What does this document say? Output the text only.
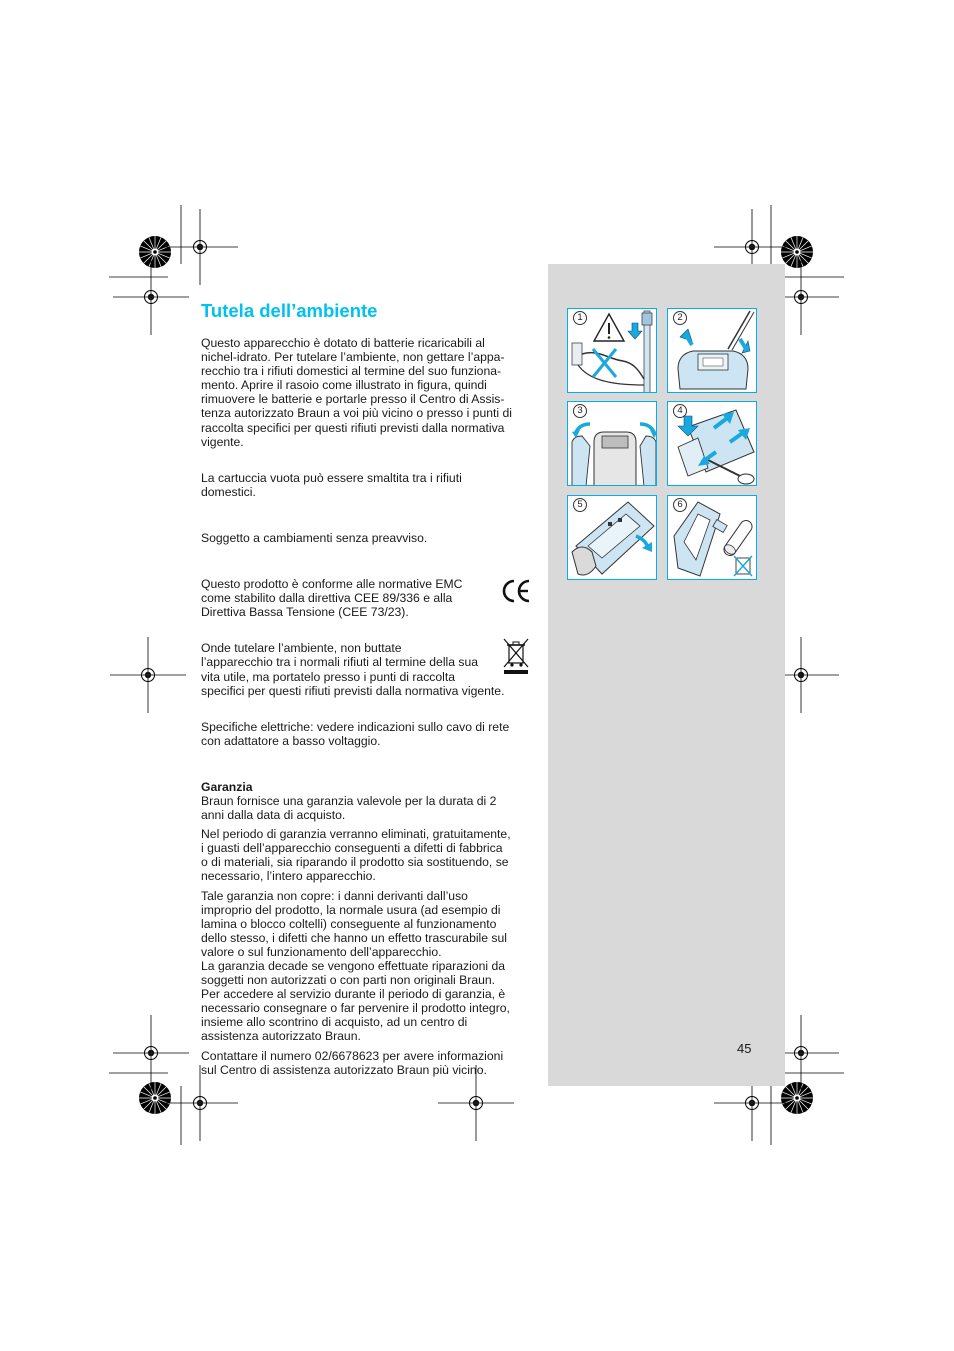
1	2
3	4
5	6
Tutela dell’ambiente

Questo apparecchio è dotato di batterie ricaricabili al
nichel-idrato. Per tutelare l’ambiente, non gettare l’appa-
recchio tra i rifiuti domestici al termine del suo funziona-
mento. Aprire il rasoio come illustrato in figura, quindi
rimuovere le batterie e portarle presso il Centro di Assis-
tenza autorizzato Braun a voi più vicino o presso i punti di
raccolta specifici per questi rifiuti previsti dalla normativa
vigente.

La cartuccia vuota può essere smaltita tra i rifiuti
domestici.

Soggetto a cambiamenti senza preavviso.

Questo prodotto è conforme alle normative EMC
come stabilito dalla direttiva CEE 89/336 e alla
Direttiva Bassa Tensione (CEE 73/23).

Onde tutelare l’ambiente, non buttate
l’apparecchio tra i normali rifiuti al termine della sua
vita utile, ma portatelo presso i punti di raccolta
specifici per questi rifiuti previsti dalla normativa vigente.

Specifiche elettriche: vedere indicazioni sullo cavo di rete
con adattatore a basso voltaggio.

Garanzia

Braun fornisce una garanzia valevole per la durata di 2
anni dalla data di acquisto.

Nel periodo di garanzia verranno eliminati, gratuitamente,
i guasti dell’apparecchio conseguenti a difetti di fabbrica
o di materiali, sia riparando il prodotto sia sostituendo, se
necessario, l’intero apparecchio.

Tale garanzia non copre: i danni derivanti dall’uso
improprio del prodotto, la normale usura (ad esempio di
lamina o blocco coltelli) conseguente al funzionamento
dello stesso, i difetti che hanno un effetto trascurabile sul
valore o sul funzionamento dell’apparecchio.
La garanzia decade se vengono effettuate riparazioni da
soggetti non autorizzati o con parti non originali Braun.
Per accedere al servizio durante il periodo di garanzia, è
necessario consegnare o far pervenire il prodotto integro,
insieme allo scontrino di acquisto, ad un centro di
assistenza autorizzato Braun.

Contattare il numero 02/6678623 per avere informazioni
sul Centro di assistenza autorizzato Braun più vicino.

45
